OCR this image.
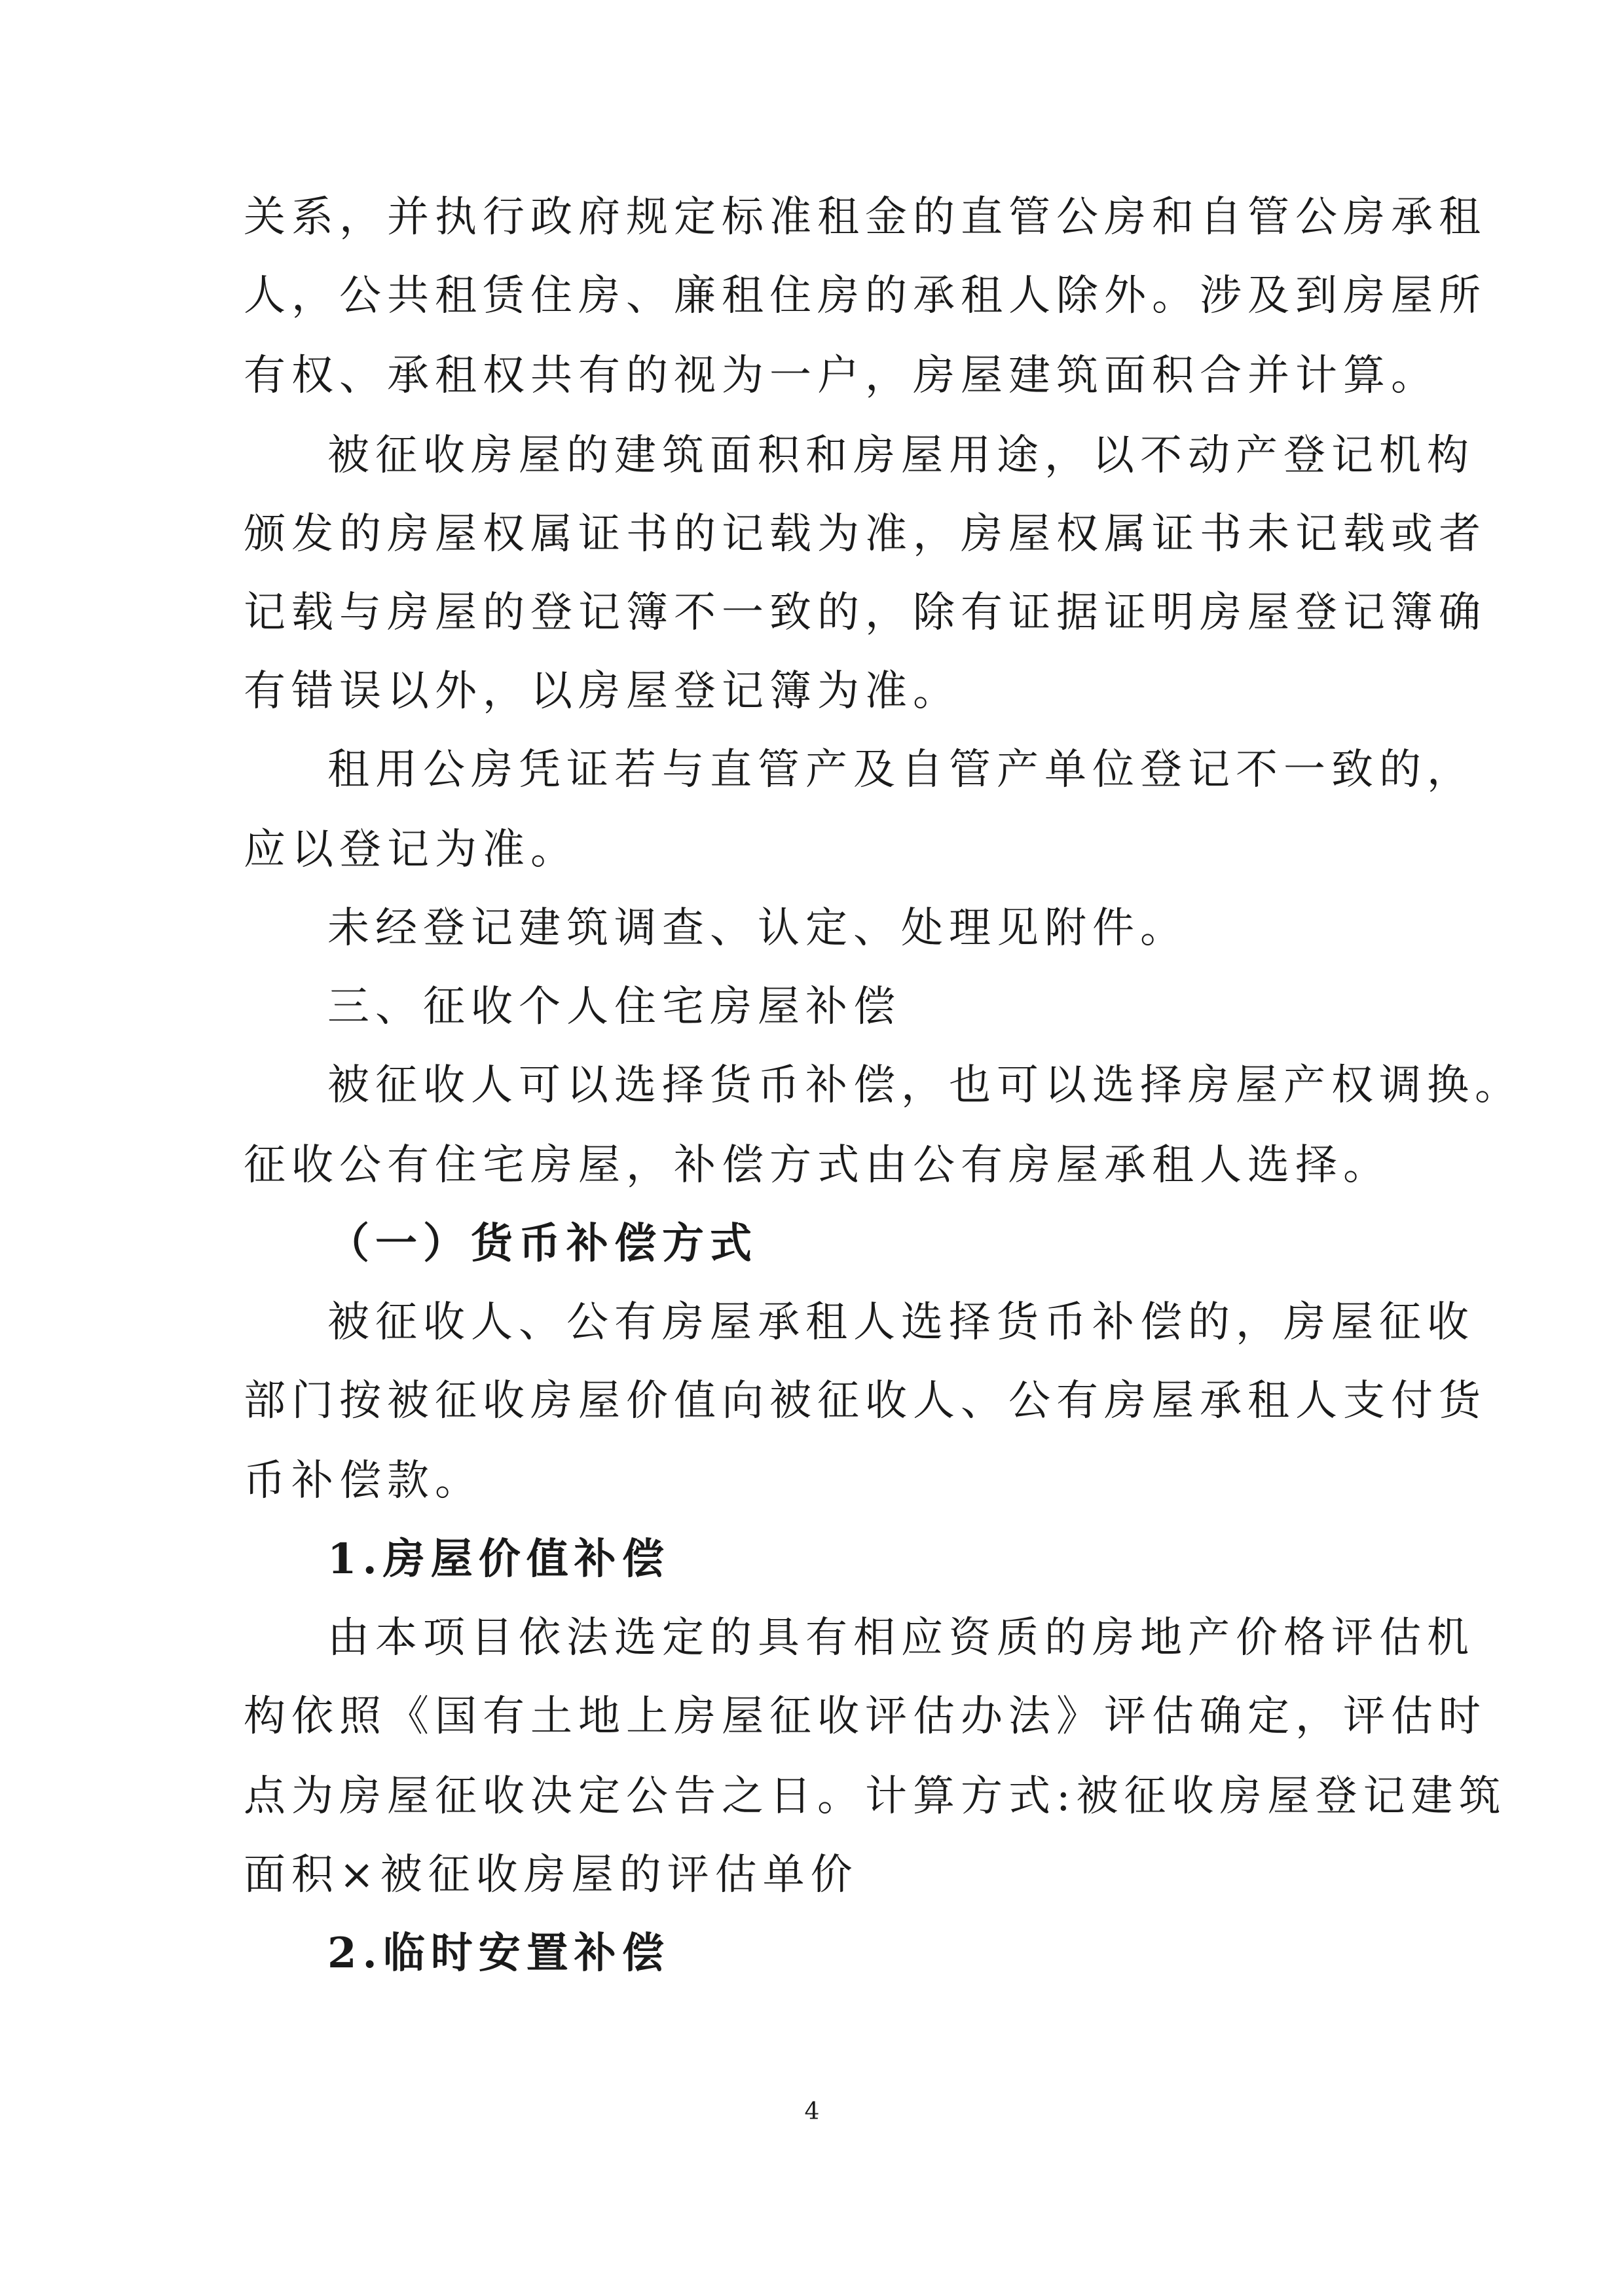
关系，并执行政府规定标准租金的直管公房和自管公房承租
人，公共租赁住房、廉租住房的承租人除外。涉及到房屋所
有权、承租权共有的视为一户，房屋建筑面积合并计算。
被征收房屋的建筑面积和房屋用途，以不动产登记机构
颁发的房屋权属证书的记载为准，房屋权属证书未记载或者
记载与房屋的登记簿不一致的，除有证据证明房屋登记簿确
有错误以外，以房屋登记簿为准。
租用公房凭证若与直管产及自管产单位登记不一致的，
应以登记为准。
未经登记建筑调查、认定、处理见附件。
三、征收个人住宅房屋补偿
被征收人可以选择货币补偿，也可以选择房屋产权调换。
征收公有住宅房屋，补偿方式由公有房屋承租人选择。
（一）货币补偿方式
被征收人、公有房屋承租人选择货币补偿的，房屋征收
部门按被征收房屋价值向被征收人、公有房屋承租人支付货
币补偿款。
1.房屋价值补偿
由本项目依法选定的具有相应资质的房地产价格评估机
构依照《国有土地上房屋征收评估办法》评估确定，评估时
点为房屋征收决定公告之日。计算方式:被征收房屋登记建筑
面积×被征收房屋的评估单价
2.临时安置补偿
4
